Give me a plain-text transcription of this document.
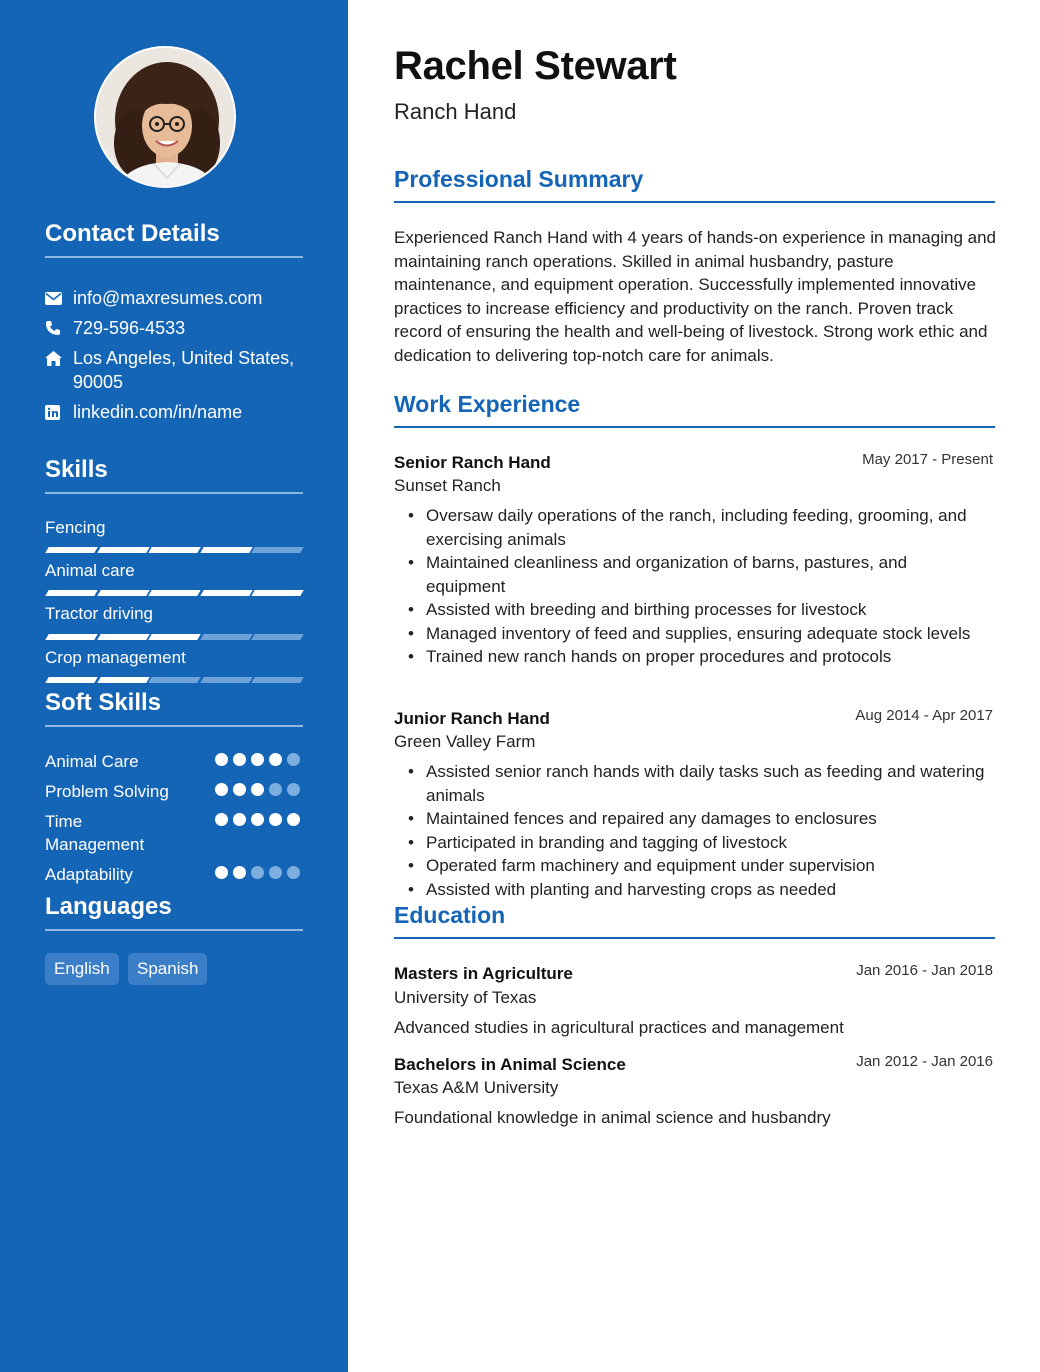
Contact Details
info@maxresumes.com
729-596-4533
Los Angeles, United States, 90005
linkedin.com/in/name
Skills
Fencing
Animal care
Tractor driving
Crop management
Soft Skills
Animal Care
Problem Solving
Time Management
Adaptability
Languages
English	Spanish
Rachel Stewart
Ranch Hand
Professional Summary
Experienced Ranch Hand with 4 years of hands-on experience in managing and maintaining ranch operations. Skilled in animal husbandry, pasture maintenance, and equipment operation. Successfully implemented innovative practices to increase efficiency and productivity on the ranch. Proven track record of ensuring the health and well-being of livestock. Strong work ethic and dedication to delivering top-notch care for animals.
Work Experience
Senior Ranch Hand	May 2017 - Present
Sunset Ranch
• Oversaw daily operations of the ranch, including feeding, grooming, and exercising animals
• Maintained cleanliness and organization of barns, pastures, and equipment
• Assisted with breeding and birthing processes for livestock
• Managed inventory of feed and supplies, ensuring adequate stock levels
• Trained new ranch hands on proper procedures and protocols
Junior Ranch Hand	Aug 2014 - Apr 2017
Green Valley Farm
• Assisted senior ranch hands with daily tasks such as feeding and watering animals
• Maintained fences and repaired any damages to enclosures
• Participated in branding and tagging of livestock
• Operated farm machinery and equipment under supervision
• Assisted with planting and harvesting crops as needed
Education
Masters in Agriculture	Jan 2016 - Jan 2018
University of Texas
Advanced studies in agricultural practices and management
Bachelors in Animal Science	Jan 2012 - Jan 2016
Texas A&M University
Foundational knowledge in animal science and husbandry
